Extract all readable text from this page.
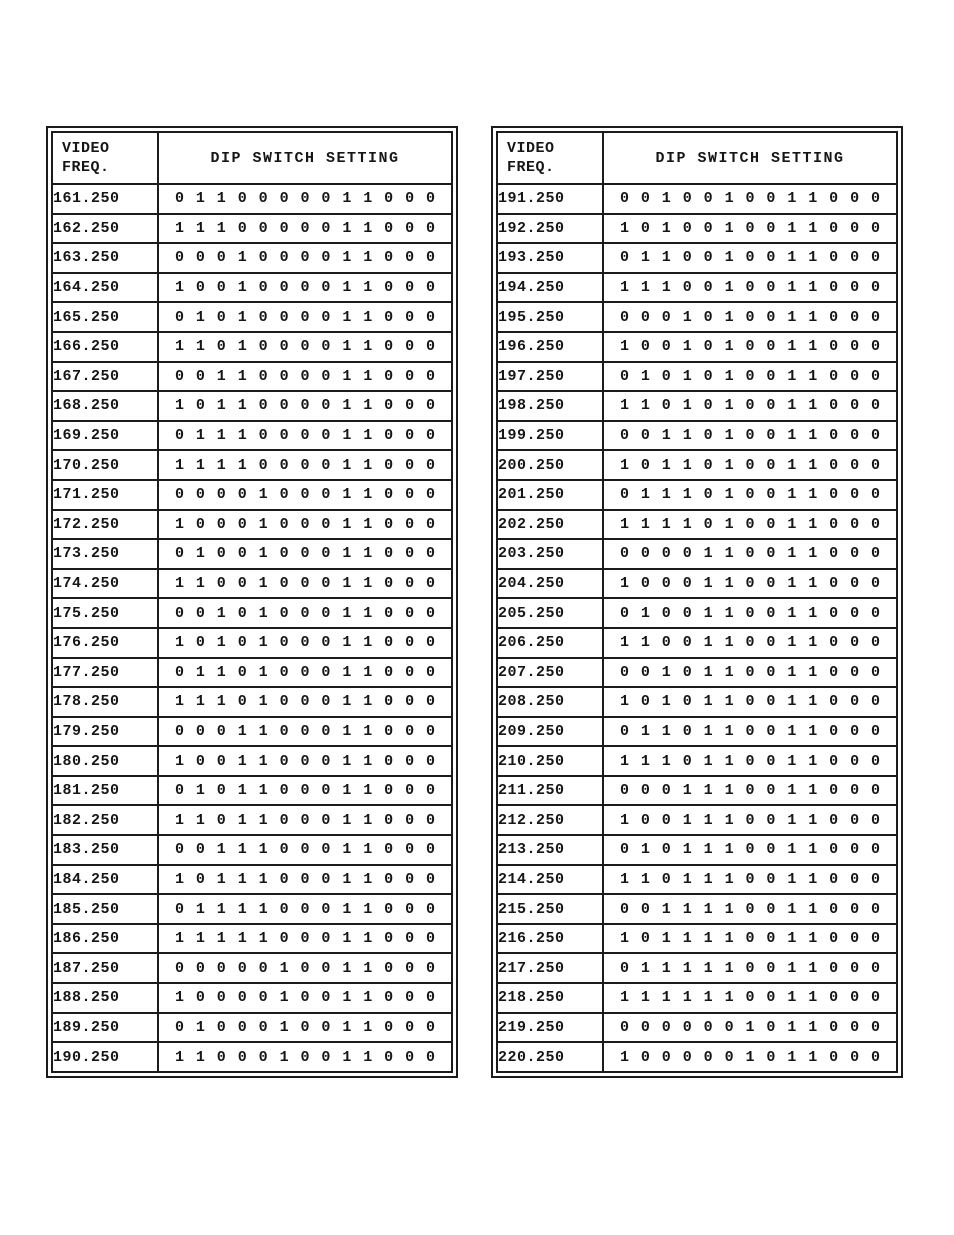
VIDEO
FREQ.	DIP SWITCH SETTING
161.250	0 1 1 0 0 0 0 0 1 1 0 0 0

162.250	1 1 1 0 0 0 0 0 1 1 0 0 0

163.250	0 0 0 1 0 0 0 0 1 1 0 0 0

164.250	1 0 0 1 0 0 0 0 1 1 0 0 0

165.250	0 1 0 1 0 0 0 0 1 1 0 0 0

166.250	1 1 0 1 0 0 0 0 1 1 0 0 0

167.250	0 0 1 1 0 0 0 0 1 1 0 0 0

168.250	1 0 1 1 0 0 0 0 1 1 0 0 0

169.250	0 1 1 1 0 0 0 0 1 1 0 0 0

170.250	1 1 1 1 0 0 0 0 1 1 0 0 0

171.250	0 0 0 0 1 0 0 0 1 1 0 0 0

172.250	1 0 0 0 1 0 0 0 1 1 0 0 0

173.250	0 1 0 0 1 0 0 0 1 1 0 0 0

174.250	1 1 0 0 1 0 0 0 1 1 0 0 0

175.250	0 0 1 0 1 0 0 0 1 1 0 0 0

176.250	1 0 1 0 1 0 0 0 1 1 0 0 0

177.250	0 1 1 0 1 0 0 0 1 1 0 0 0

178.250	1 1 1 0 1 0 0 0 1 1 0 0 0

179.250	0 0 0 1 1 0 0 0 1 1 0 0 0

180.250	1 0 0 1 1 0 0 0 1 1 0 0 0

181.250	0 1 0 1 1 0 0 0 1 1 0 0 0

182.250	1 1 0 1 1 0 0 0 1 1 0 0 0

183.250	0 0 1 1 1 0 0 0 1 1 0 0 0

184.250	1 0 1 1 1 0 0 0 1 1 0 0 0

185.250	0 1 1 1 1 0 0 0 1 1 0 0 0

186.250	1 1 1 1 1 0 0 0 1 1 0 0 0

187.250	0 0 0 0 0 1 0 0 1 1 0 0 0

188.250	1 0 0 0 0 1 0 0 1 1 0 0 0

189.250	0 1 0 0 0 1 0 0 1 1 0 0 0

190.250	1 1 0 0 0 1 0 0 1 1 0 0 0
VIDEO
FREQ.	DIP SWITCH SETTING
191.250	0 0 1 0 0 1 0 0 1 1 0 0 0

192.250	1 0 1 0 0 1 0 0 1 1 0 0 0

193.250	0 1 1 0 0 1 0 0 1 1 0 0 0

194.250	1 1 1 0 0 1 0 0 1 1 0 0 0

195.250	0 0 0 1 0 1 0 0 1 1 0 0 0

196.250	1 0 0 1 0 1 0 0 1 1 0 0 0

197.250	0 1 0 1 0 1 0 0 1 1 0 0 0

198.250	1 1 0 1 0 1 0 0 1 1 0 0 0

199.250	0 0 1 1 0 1 0 0 1 1 0 0 0

200.250	1 0 1 1 0 1 0 0 1 1 0 0 0

201.250	0 1 1 1 0 1 0 0 1 1 0 0 0

202.250	1 1 1 1 0 1 0 0 1 1 0 0 0

203.250	0 0 0 0 1 1 0 0 1 1 0 0 0

204.250	1 0 0 0 1 1 0 0 1 1 0 0 0

205.250	0 1 0 0 1 1 0 0 1 1 0 0 0

206.250	1 1 0 0 1 1 0 0 1 1 0 0 0

207.250	0 0 1 0 1 1 0 0 1 1 0 0 0

208.250	1 0 1 0 1 1 0 0 1 1 0 0 0

209.250	0 1 1 0 1 1 0 0 1 1 0 0 0

210.250	1 1 1 0 1 1 0 0 1 1 0 0 0

211.250	0 0 0 1 1 1 0 0 1 1 0 0 0

212.250	1 0 0 1 1 1 0 0 1 1 0 0 0

213.250	0 1 0 1 1 1 0 0 1 1 0 0 0

214.250	1 1 0 1 1 1 0 0 1 1 0 0 0

215.250	0 0 1 1 1 1 0 0 1 1 0 0 0

216.250	1 0 1 1 1 1 0 0 1 1 0 0 0

217.250	0 1 1 1 1 1 0 0 1 1 0 0 0

218.250	1 1 1 1 1 1 0 0 1 1 0 0 0

219.250	0 0 0 0 0 0 1 0 1 1 0 0 0

220.250	1 0 0 0 0 0 1 0 1 1 0 0 0
